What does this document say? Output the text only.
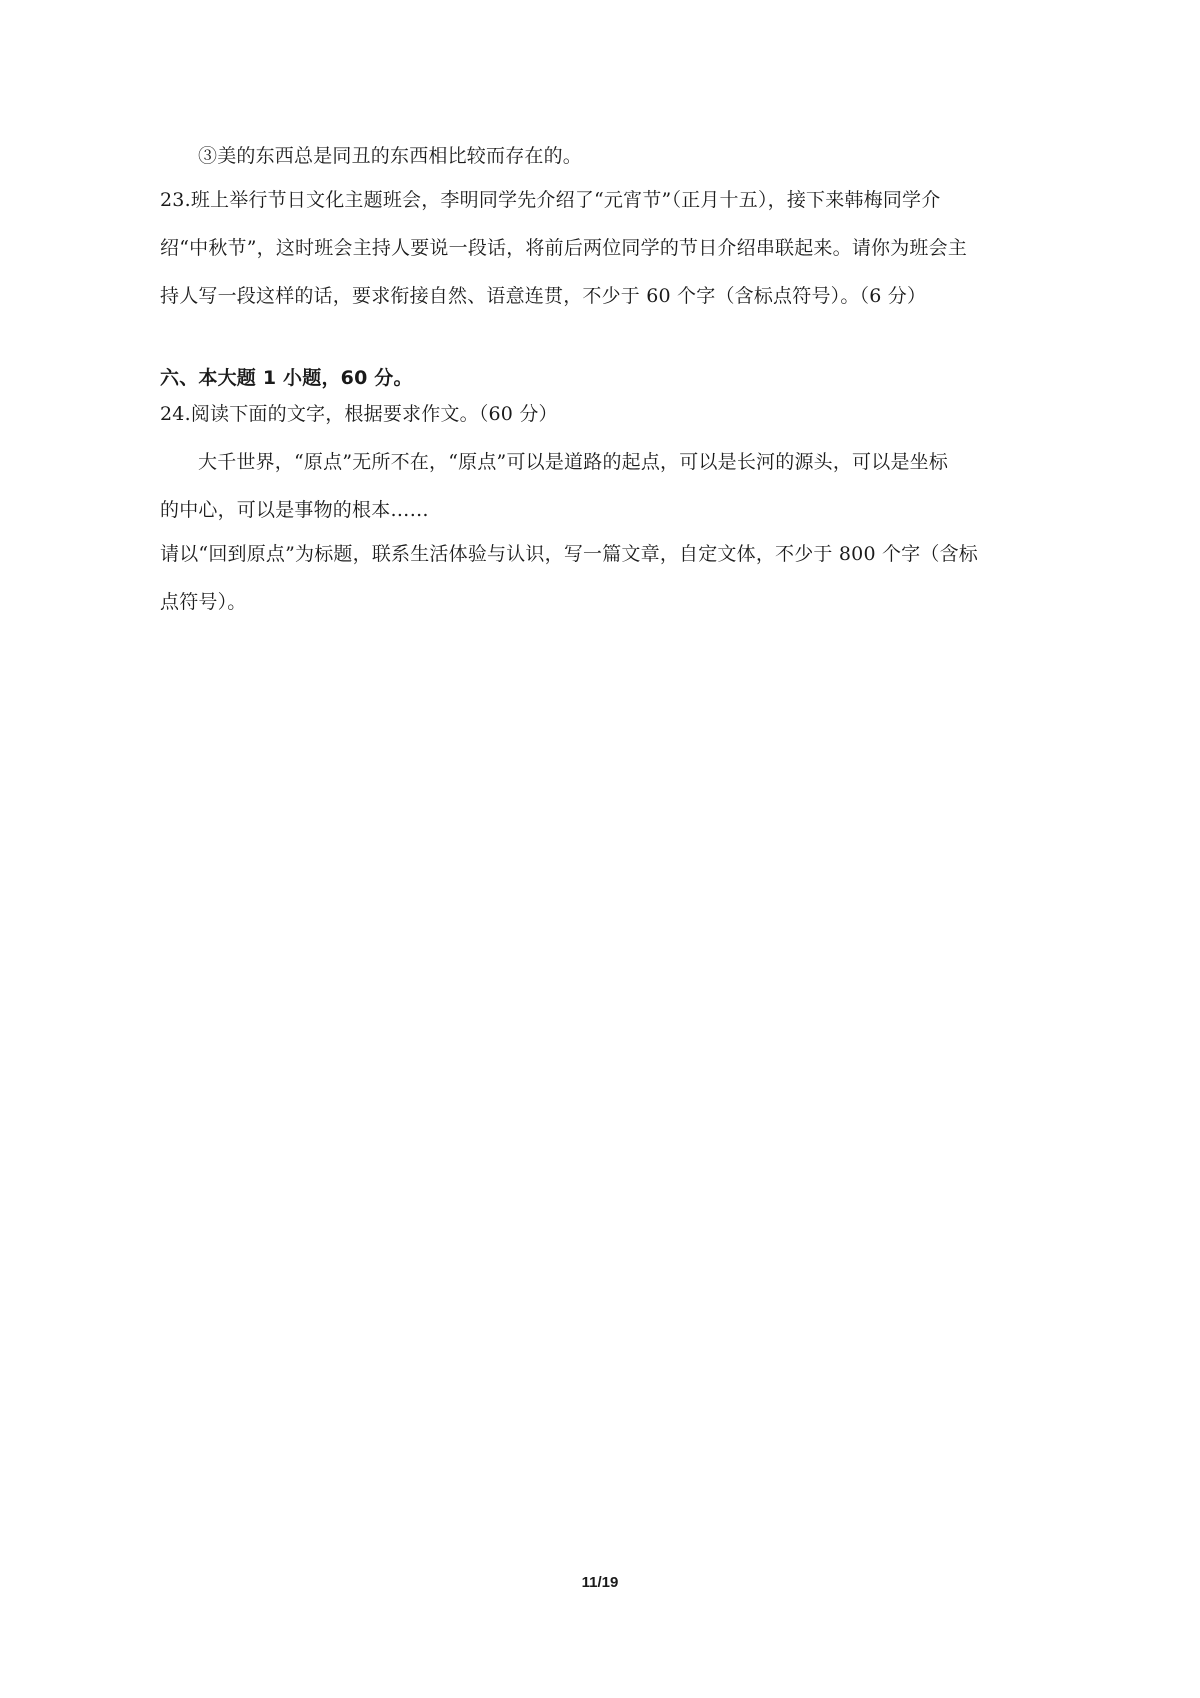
③美的东西总是同丑的东西相比较而存在的。
23.班上举行节日文化主题班会，李明同学先介绍了“元宵节”（正月十五），接下来韩梅同学介
绍“中秋节”，这时班会主持人要说一段话，将前后两位同学的节日介绍串联起来。请你为班会主
持人写一段这样的话，要求衔接自然、语意连贯，不少于 60 个字（含标点符号）。（6 分）
六、本大题 1 小题，60 分。
24.阅读下面的文字，根据要求作文。（60 分）
大千世界，“原点”无所不在，“原点”可以是道路的起点，可以是长河的源头，可以是坐标
的中心，可以是事物的根本……
请以“回到原点”为标题，联系生活体验与认识，写一篇文章，自定文体，不少于 800 个字（含标
点符号）。
11/19
